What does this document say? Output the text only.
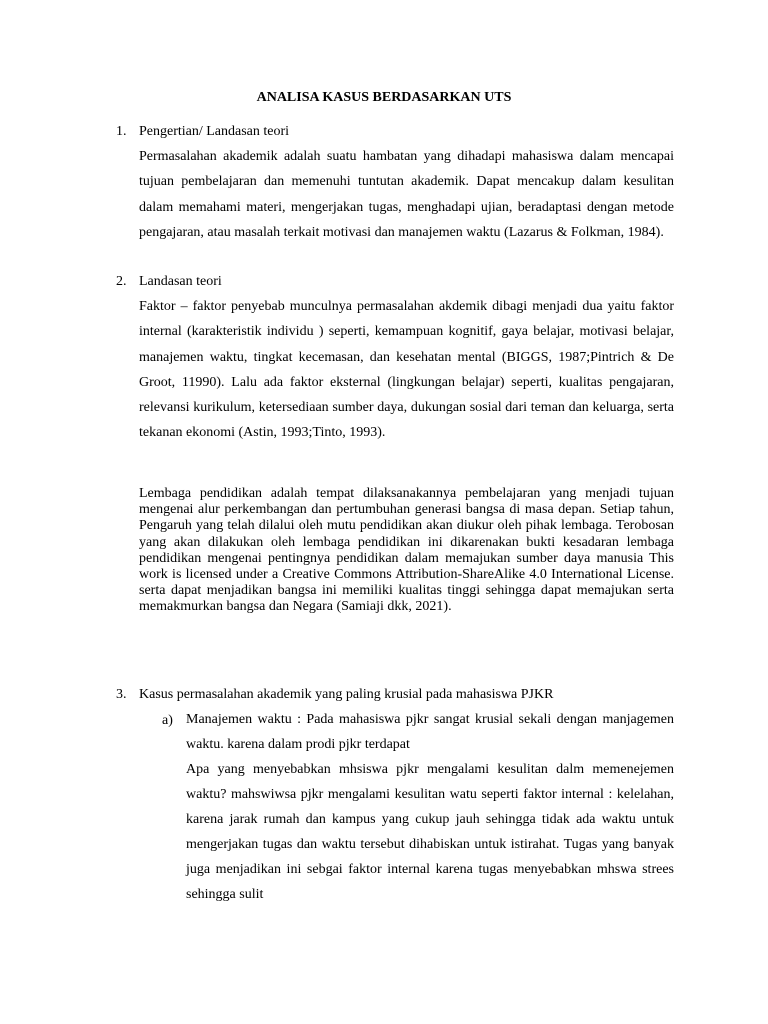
ANALISA KASUS BERDASARKAN UTS
1. Pengertian/ Landasan teori

Permasalahan akademik adalah suatu hambatan yang dihadapi mahasiswa dalam mencapai tujuan pembelajaran dan memenuhi tuntutan akademik. Dapat mencakup dalam kesulitan dalam memahami materi, mengerjakan tugas, menghadapi ujian, beradaptasi dengan metode pengajaran, atau masalah terkait motivasi dan manajemen waktu (Lazarus & Folkman, 1984).

2. Landasan teori

Faktor – faktor penyebab munculnya permasalahan akdemik dibagi menjadi dua yaitu faktor internal (karakteristik individu ) seperti, kemampuan kognitif, gaya belajar, motivasi belajar, manajemen waktu, tingkat kecemasan, dan kesehatan mental (BIGGS, 1987;Pintrich & De Groot, 11990). Lalu ada faktor eksternal (lingkungan belajar) seperti, kualitas pengajaran, relevansi kurikulum, ketersediaan sumber daya, dukungan sosial dari teman dan keluarga, serta tekanan ekonomi (Astin, 1993;Tinto, 1993).

Lembaga pendidikan adalah tempat dilaksanakannya pembelajaran yang menjadi tujuan mengenai alur perkembangan dan pertumbuhan generasi bangsa di masa depan. Setiap tahun, Pengaruh yang telah dilalui oleh mutu pendidikan akan diukur oleh pihak lembaga. Terobosan yang akan dilakukan oleh lembaga pendidikan ini dikarenakan bukti kesadaran lembaga pendidikan mengenai pentingnya pendidikan dalam memajukan sumber daya manusia This work is licensed under a Creative Commons Attribution-ShareAlike 4.0 International License. serta dapat menjadikan bangsa ini memiliki kualitas tinggi sehingga dapat memajukan serta memakmurkan bangsa dan Negara (Samiaji dkk, 2021).

3. Kasus permasalahan akademik yang paling krusial pada mahasiswa PJKR
a) Manajemen waktu : Pada mahasiswa pjkr sangat krusial sekali dengan manjagemen waktu. karena dalam prodi pjkr terdapat

Apa yang menyebabkan mhsiswa pjkr mengalami kesulitan dalm memenejemen waktu? mahswiwsa pjkr mengalami kesulitan watu seperti faktor internal : kelelahan, karena jarak rumah dan kampus yang cukup jauh sehingga tidak ada waktu untuk mengerjakan tugas dan waktu tersebut dihabiskan untuk istirahat. Tugas yang banyak juga menjadikan ini sebgai faktor internal karena tugas menyebabkan mhswa strees sehingga sulit
